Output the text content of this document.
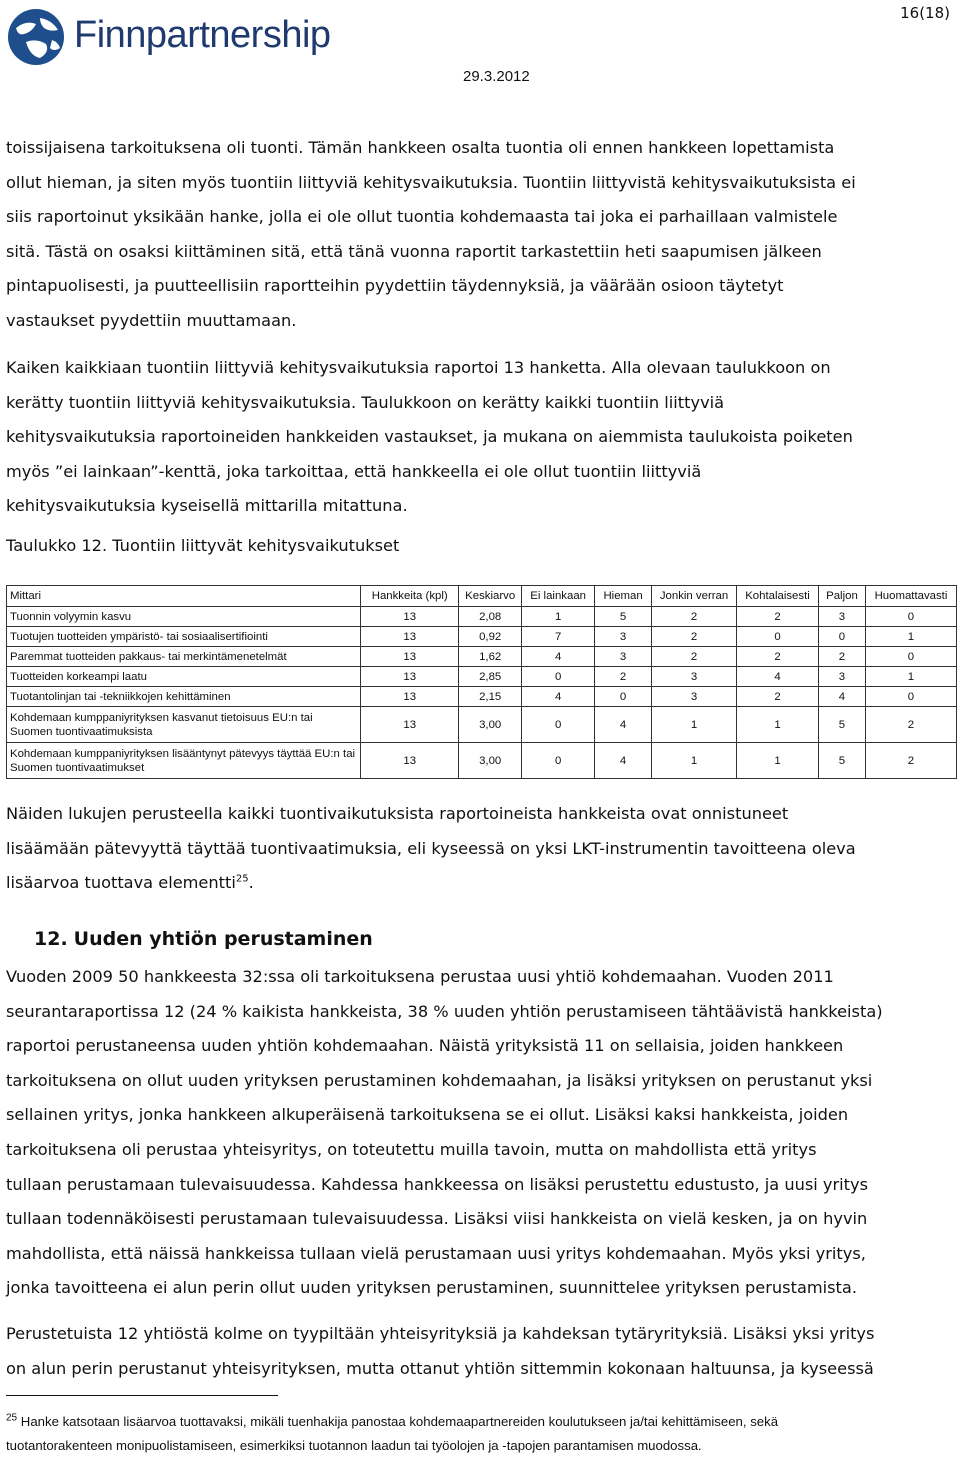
Finnpartnership
16(18)
29.3.2012
toissijaisena tarkoituksena oli tuonti. Tämän hankkeen osalta tuontia oli ennen hankkeen lopettamista
ollut hieman, ja siten myös tuontiin liittyviä kehitysvaikutuksia. Tuontiin liittyvistä kehitysvaikutuksista ei
siis raportoinut yksikään hanke, jolla ei ole ollut tuontia kohdemaasta tai joka ei parhaillaan valmistele
sitä. Tästä on osaksi kiittäminen sitä, että tänä vuonna raportit tarkastettiin heti saapumisen jälkeen
pintapuolisesti, ja puutteellisiin raportteihin pyydettiin täydennyksiä, ja väärään osioon täytetyt
vastaukset pyydettiin muuttamaan.
Kaiken kaikkiaan tuontiin liittyviä kehitysvaikutuksia raportoi 13 hanketta. Alla olevaan taulukkoon on
kerätty tuontiin liittyviä kehitysvaikutuksia. Taulukkoon on kerätty kaikki tuontiin liittyviä
kehitysvaikutuksia raportoineiden hankkeiden vastaukset, ja mukana on aiemmista taulukoista poiketen
myös ”ei lainkaan”-kenttä, joka tarkoittaa, että hankkeella ei ole ollut tuontiin liittyviä
kehitysvaikutuksia kyseisellä mittarilla mitattuna.
Taulukko 12. Tuontiin liittyvät kehitysvaikutukset
Mittari	Hankkeita (kpl)	Keskiarvo	Ei lainkaan	Hieman	Jonkin verran	Kohtalaisesti	Paljon	Huomattavasti
Tuonnin volyymin kasvu	13	2,08	1	5	2	2	3	0
Tuotujen tuotteiden ympäristö- tai sosiaalisertifiointi	13	0,92	7	3	2	0	0	1
Paremmat tuotteiden pakkaus- tai merkintämenetelmät	13	1,62	4	3	2	2	2	0
Tuotteiden korkeampi laatu	13	2,85	0	2	3	4	3	1
Tuotantolinjan tai -tekniikkojen kehittäminen	13	2,15	4	0	3	2	4	0
Kohdemaan kumppaniyrityksen kasvanut tietoisuus EU:n tai Suomen tuontivaatimuksista	13	3,00	0	4	1	1	5	2
Kohdemaan kumppaniyrityksen lisääntynyt pätevyys täyttää EU:n tai Suomen tuontivaatimukset	13	3,00	0	4	1	1	5	2
Näiden lukujen perusteella kaikki tuontivaikutuksista raportoineista hankkeista ovat onnistuneet
lisäämään pätevyyttä täyttää tuontivaatimuksia, eli kyseessä on yksi LKT-instrumentin tavoitteena oleva
lisäarvoa tuottava elementti$^{25}$.
12. Uuden yhtiön perustaminen
Vuoden 2009 50 hankkeesta 32:ssa oli tarkoituksena perustaa uusi yhtiö kohdemaahan. Vuoden 2011
seurantaraportissa 12 (24 % kaikista hankkeista, 38 % uuden yhtiön perustamiseen tähtäävistä hankkeista)
raportoi perustaneensa uuden yhtiön kohdemaahan. Näistä yrityksistä 11 on sellaisia, joiden hankkeen
tarkoituksena on ollut uuden yrityksen perustaminen kohdemaahan, ja lisäksi yrityksen on perustanut yksi
sellainen yritys, jonka hankkeen alkuperäisenä tarkoituksena se ei ollut. Lisäksi kaksi hankkeista, joiden
tarkoituksena oli perustaa yhteisyritys, on toteutettu muilla tavoin, mutta on mahdollista että yritys
tullaan perustamaan tulevaisuudessa. Kahdessa hankkeessa on lisäksi perustettu edustusto, ja uusi yritys
tullaan todennäköisesti perustamaan tulevaisuudessa. Lisäksi viisi hankkeista on vielä kesken, ja on hyvin
mahdollista, että näissä hankkeissa tullaan vielä perustamaan uusi yritys kohdemaahan. Myös yksi yritys,
jonka tavoitteena ei alun perin ollut uuden yrityksen perustaminen, suunnittelee yrityksen perustamista.
Perustetuista 12 yhtiöstä kolme on tyypiltään yhteisyrityksiä ja kahdeksan tytäryrityksiä. Lisäksi yksi yritys
on alun perin perustanut yhteisyrityksen, mutta ottanut yhtiön sittemmin kokonaan haltuunsa, ja kyseessä
$^{25}$ Hanke katsotaan lisäarvoa tuottavaksi, mikäli tuenhakija panostaa kohdemaapartnereiden koulutukseen ja/tai kehittämiseen, sekä
tuotantorakenteen monipuolistamiseen, esimerkiksi tuotannon laadun tai työolojen ja -tapojen parantamisen muodossa.
